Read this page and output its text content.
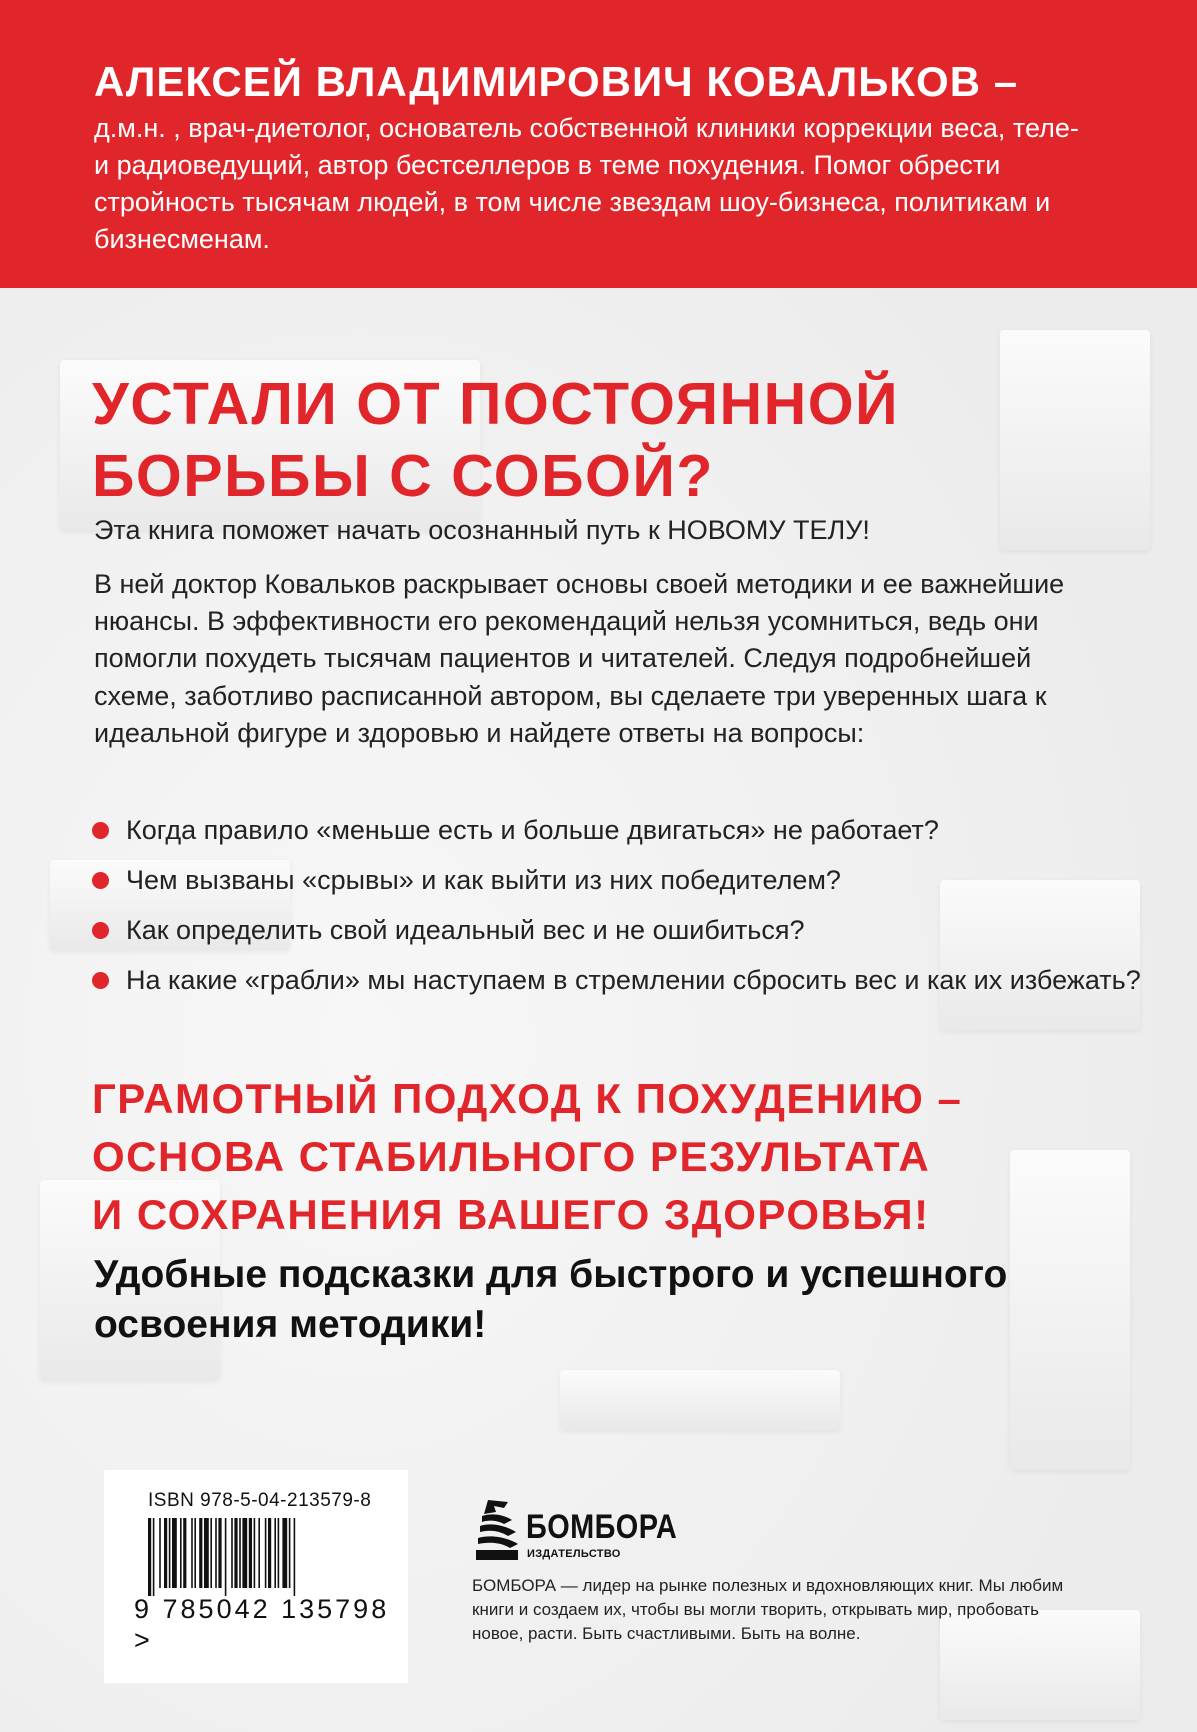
АЛЕКСЕЙ ВЛАДИМИРОВИЧ КОВАЛЬКОВ –

д.м.н. , врач-диетолог, основатель собственной клиники коррекции веса, теле- и радиоведущий, автор бестселлеров в теме похудения. Помог обрести стройность тысячам людей, в том числе звездам шоу-бизнеса, политикам и бизнесменам.

УСТАЛИ ОТ ПОСТОЯННОЙ
БОРЬБЫ С СОБОЙ?

Эта книга поможет начать осознанный путь к НОВОМУ ТЕЛУ!

В ней доктор Ковальков раскрывает основы своей методики и ее важнейшие нюансы. В эффективности его рекомендаций нельзя усомниться, ведь они помогли похудеть тысячам пациентов и читателей. Следуя подробнейшей схеме, заботливо расписанной автором, вы сделаете три уверенных шага к идеальной фигуре и здоровью и найдете ответы на вопросы:

Когда правило «меньше есть и больше двигаться» не работает?
Чем вызваны «срывы» и как выйти из них победителем?
Как определить свой идеальный вес и не ошибиться?
На какие «грабли» мы наступаем в стремлении сбросить вес и как их избежать?
ГРАМОТНЫЙ ПОДХОД К ПОХУДЕНИЮ –
ОСНОВА СТАБИЛЬНОГО РЕЗУЛЬТАТА
И СОХРАНЕНИЯ ВАШЕГО ЗДОРОВЬЯ!

Удобные подсказки для быстрого и успешного освоения методики!

ISBN 978-5-04-213579-8
9 785042 135798 >
БОМБОРА
ИЗДАТЕЛЬСТВО

БОМБОРА — лидер на рынке полезных и вдохновляющих книг. Мы любим книги и создаем их, чтобы вы могли творить, открывать мир, пробовать новое, расти. Быть счастливыми. Быть на волне.
